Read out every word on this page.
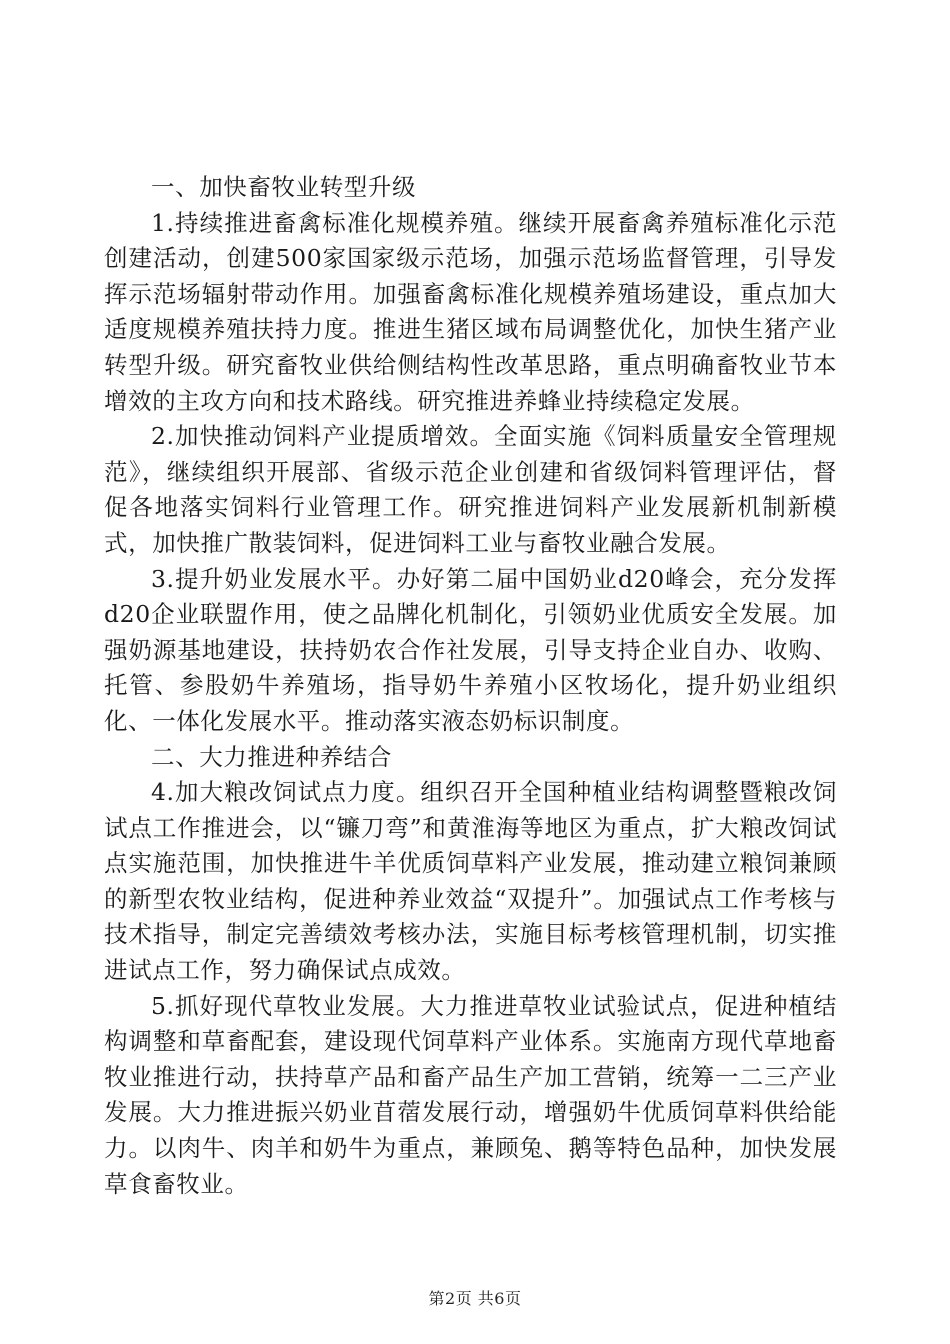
一、加快畜牧业转型升级

1.持续推进畜禽标准化规模养殖。继续开展畜禽养殖标准化示范创建活动，创建500家国家级示范场，加强示范场监督管理，引导发挥示范场辐射带动作用。加强畜禽标准化规模养殖场建设，重点加大适度规模养殖扶持力度。推进生猪区域布局调整优化，加快生猪产业转型升级。研究畜牧业供给侧结构性改革思路，重点明确畜牧业节本增效的主攻方向和技术路线。研究推进养蜂业持续稳定发展。

2.加快推动饲料产业提质增效。全面实施《饲料质量安全管理规范》，继续组织开展部、省级示范企业创建和省级饲料管理评估，督促各地落实饲料行业管理工作。研究推进饲料产业发展新机制新模式，加快推广散装饲料，促进饲料工业与畜牧业融合发展。

3.提升奶业发展水平。办好第二届中国奶业d20峰会，充分发挥d20企业联盟作用，使之品牌化机制化，引领奶业优质安全发展。加强奶源基地建设，扶持奶农合作社发展，引导支持企业自办、收购、托管、参股奶牛养殖场，指导奶牛养殖小区牧场化，提升奶业组织化、一体化发展水平。推动落实液态奶标识制度。

二、大力推进种养结合

4.加大粮改饲试点力度。组织召开全国种植业结构调整暨粮改饲试点工作推进会，以“镰刀弯”和黄淮海等地区为重点，扩大粮改饲试点实施范围，加快推进牛羊优质饲草料产业发展，推动建立粮饲兼顾的新型农牧业结构，促进种养业效益“双提升”。加强试点工作考核与技术指导，制定完善绩效考核办法，实施目标考核管理机制，切实推进试点工作，努力确保试点成效。

5.抓好现代草牧业发展。大力推进草牧业试验试点，促进种植结构调整和草畜配套，建设现代饲草料产业体系。实施南方现代草地畜牧业推进行动，扶持草产品和畜产品生产加工营销，统筹一二三产业发展。大力推进振兴奶业苜蓿发展行动，增强奶牛优质饲草料供给能力。以肉牛、肉羊和奶牛为重点，兼顾兔、鹅等特色品种，加快发展草食畜牧业。

第2页 共6页
